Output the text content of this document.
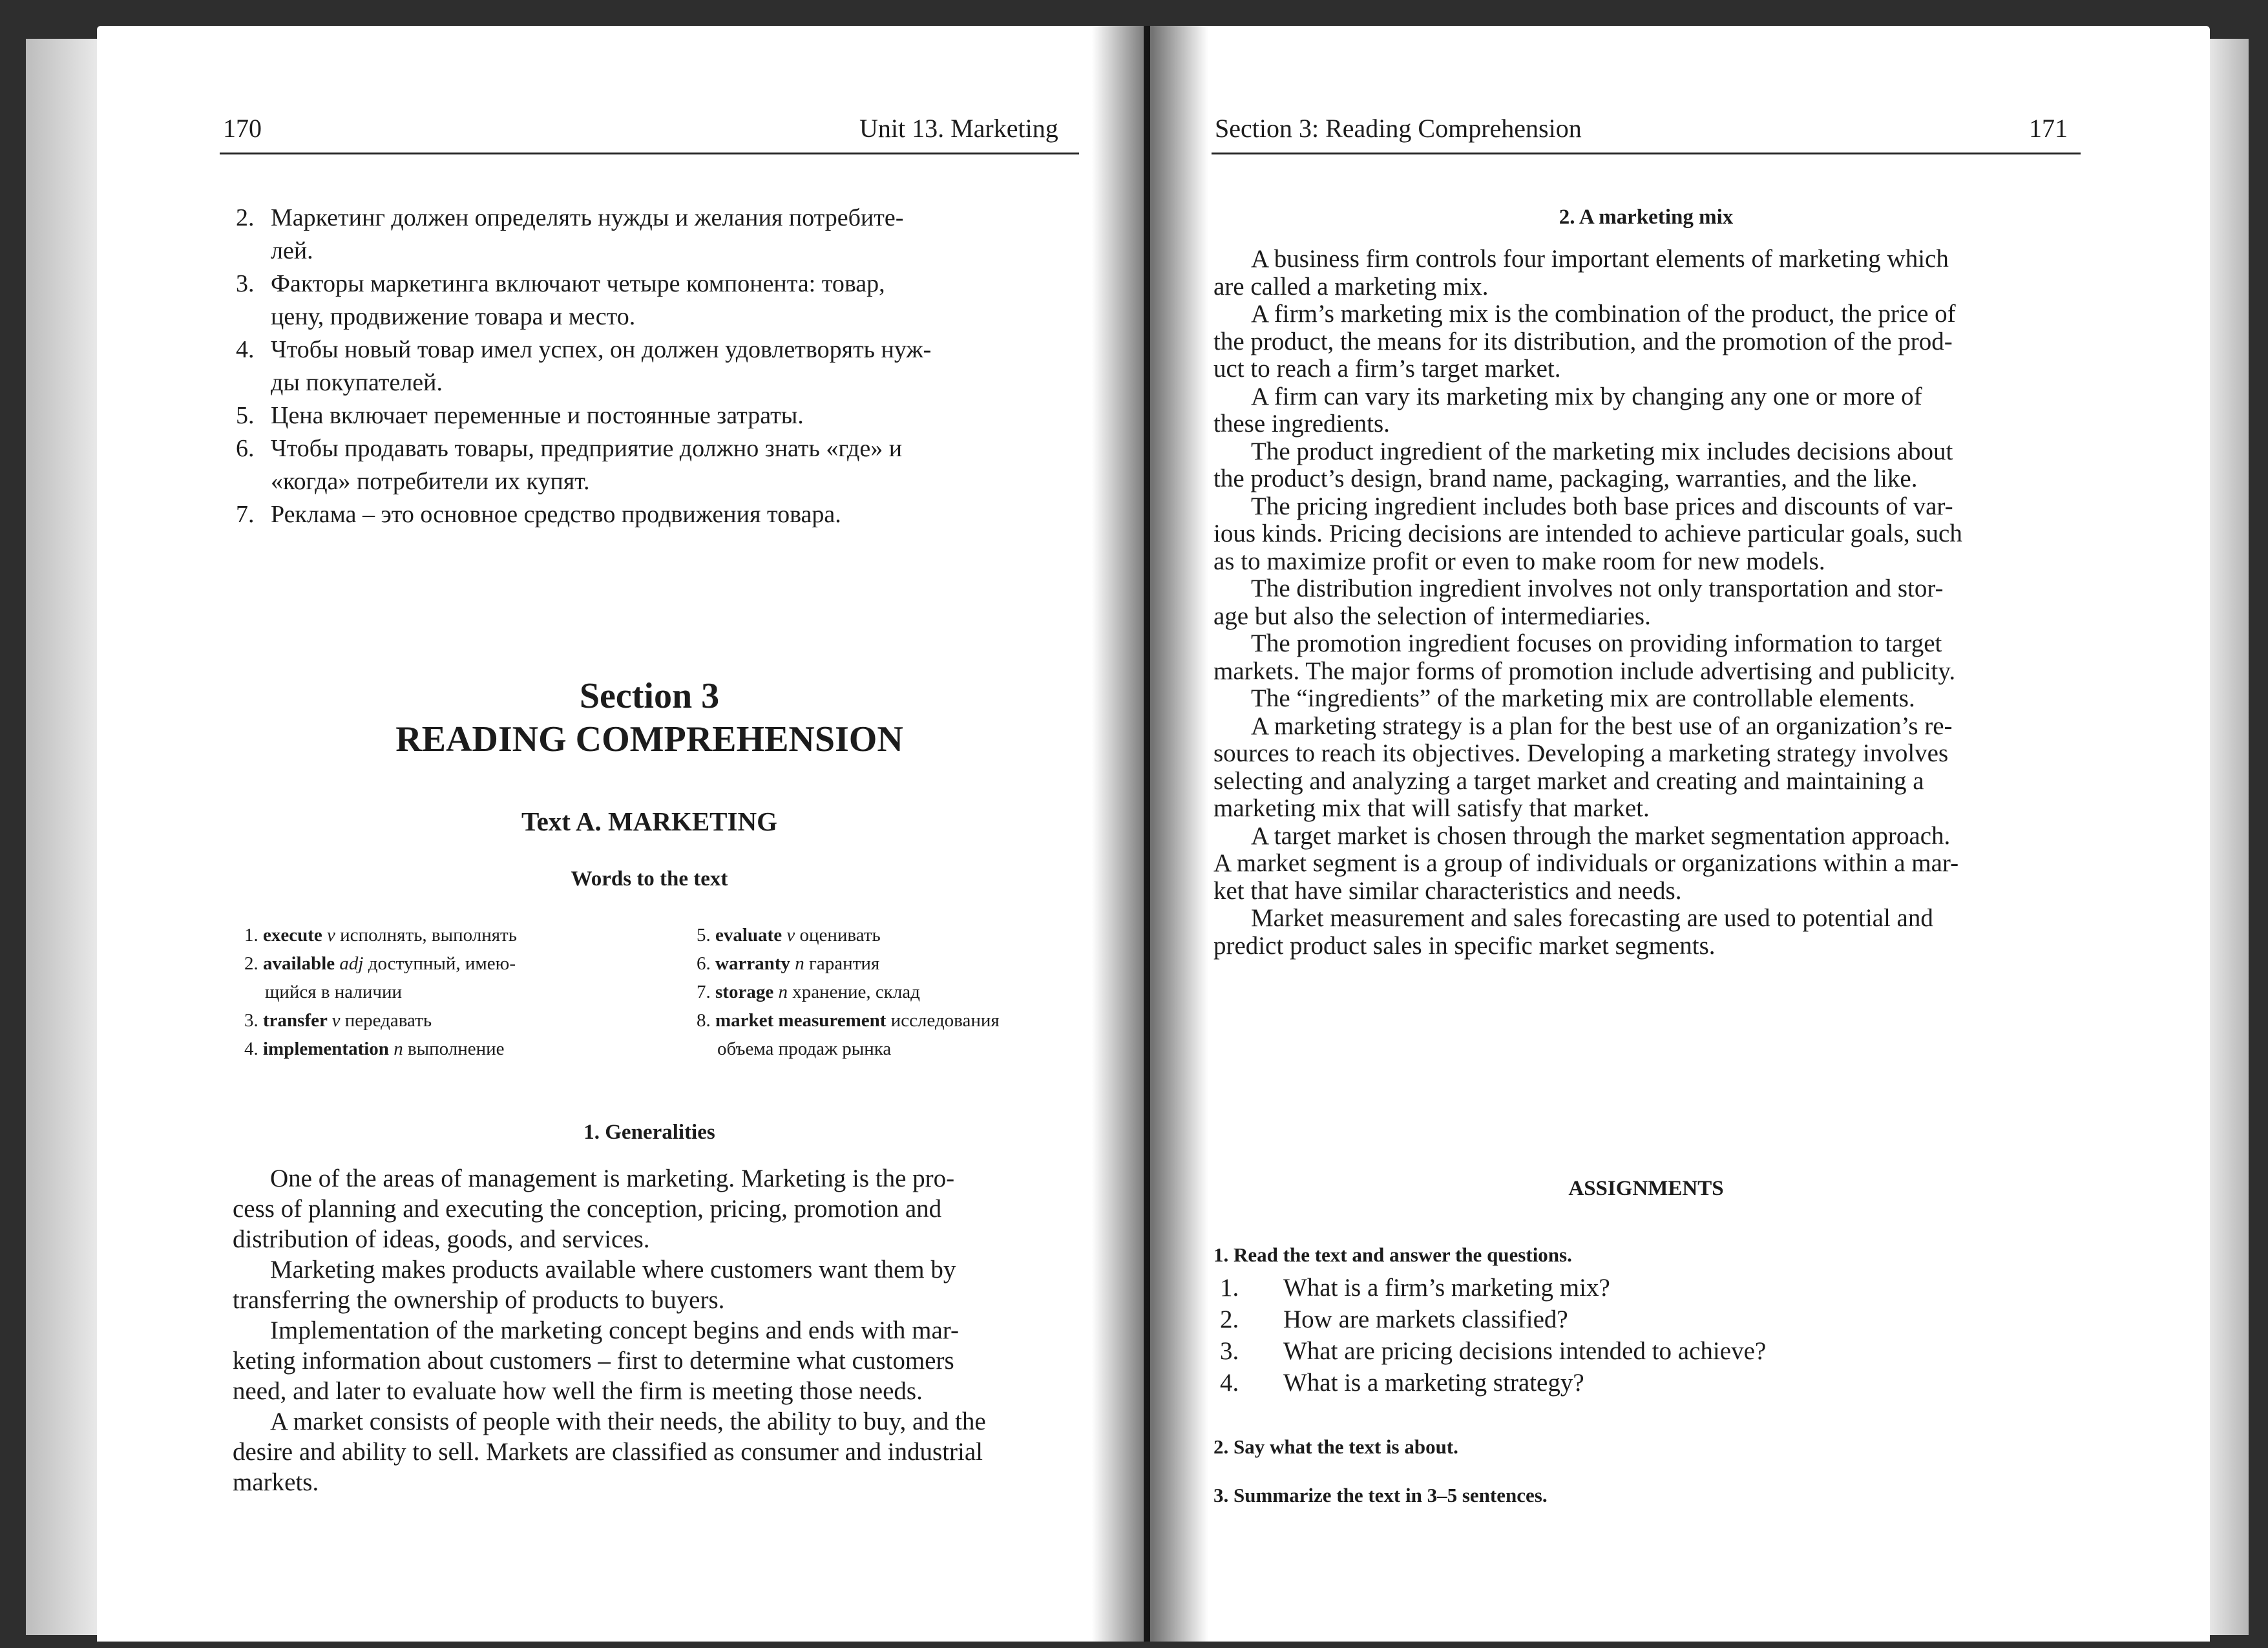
170	Unit 13. Marketing
2. Маркетинг должен определять нужды и желания потребите-
лей.
3. Факторы маркетинга включают четыре компонента: товар,
цену, продвижение товара и место.
4. Чтобы новый товар имел успех, он должен удовлетворять нуж-
ды покупателей.
5. Цена включает переменные и постоянные затраты.
6. Чтобы продавать товары, предприятие должно знать «где» и
«когда» потребители их купят.
7. Реклама – это основное средство продвижения товара.
Section 3
READING COMPREHENSION
Text A. MARKETING
Words to the text
1. execute v исполнять, выполнять
2. available adj доступный, имею-
щийся в наличии
3. transfer v передавать
4. implementation n выполнение
5. evaluate v оценивать
6. warranty n гарантия
7. storage n хранение, склад
8. market measurement исследования
объема продаж рынка
1. Generalities
One of the areas of management is marketing. Marketing is the pro-
cess of planning and executing the conception, pricing, promotion and
distribution of ideas, goods, and services.
Marketing makes products available where customers want them by
transferring the ownership of products to buyers.
Implementation of the marketing concept begins and ends with mar-
keting information about customers – first to determine what customers
need, and later to evaluate how well the firm is meeting those needs.
A market consists of people with their needs, the ability to buy, and the
desire and ability to sell. Markets are classified as consumer and industrial
markets.
Section 3: Reading Comprehension	171
2. A marketing mix
A business firm controls four important elements of marketing which
are called a marketing mix.
A firm’s marketing mix is the combination of the product, the price of
the product, the means for its distribution, and the promotion of the prod-
uct to reach a firm’s target market.
A firm can vary its marketing mix by changing any one or more of
these ingredients.
The product ingredient of the marketing mix includes decisions about
the product’s design, brand name, packaging, warranties, and the like.
The pricing ingredient includes both base prices and discounts of var-
ious kinds. Pricing decisions are intended to achieve particular goals, such
as to maximize profit or even to make room for new models.
The distribution ingredient involves not only transportation and stor-
age but also the selection of intermediaries.
The promotion ingredient focuses on providing information to target
markets. The major forms of promotion include advertising and publicity.
The “ingredients” of the marketing mix are controllable elements.
A marketing strategy is a plan for the best use of an organization’s re-
sources to reach its objectives. Developing a marketing strategy involves
selecting and analyzing a target market and creating and maintaining a
marketing mix that will satisfy that market.
A target market is chosen through the market segmentation approach.
A market segment is a group of individuals or organizations within a mar-
ket that have similar characteristics and needs.
Market measurement and sales forecasting are used to potential and
predict product sales in specific market segments.
ASSIGNMENTS
1. Read the text and answer the questions.
1. What is a firm’s marketing mix?
2. How are markets classified?
3. What are pricing decisions intended to achieve?
4. What is a marketing strategy?
2. Say what the text is about.
3. Summarize the text in 3–5 sentences.
